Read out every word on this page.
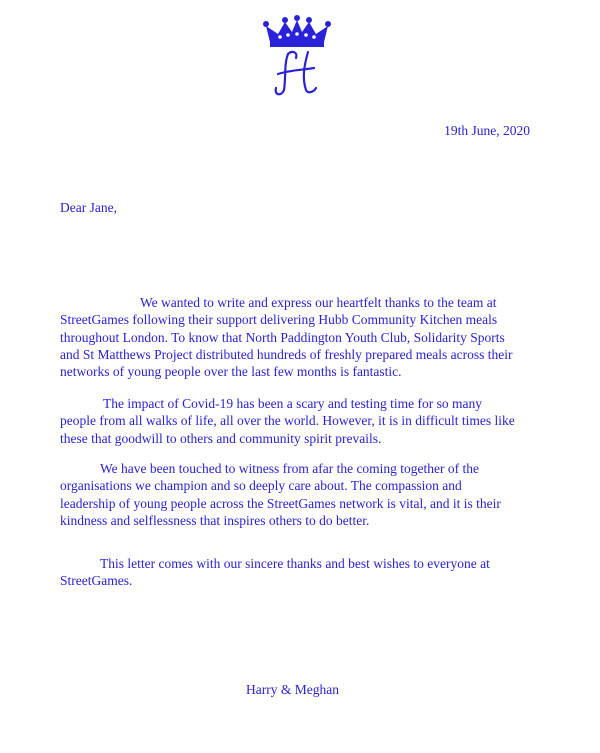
19th June, 2020
Dear Jane,
We wanted to write and express our heartfelt thanks to the team at
StreetGames following their support delivering Hubb Community Kitchen meals
throughout London. To know that North Paddington Youth Club, Solidarity Sports
and St Matthews Project distributed hundreds of freshly prepared meals across their
networks of young people over the last few months is fantastic.
The impact of Covid-19 has been a scary and testing time for so many
people from all walks of life, all over the world. However, it is in difficult times like
these that goodwill to others and community spirit prevails.
We have been touched to witness from afar the coming together of the
organisations we champion and so deeply care about. The compassion and
leadership of young people across the StreetGames network is vital, and it is their
kindness and selflessness that inspires others to do better.
This letter comes with our sincere thanks and best wishes to everyone at
StreetGames.
Harry & Meghan
